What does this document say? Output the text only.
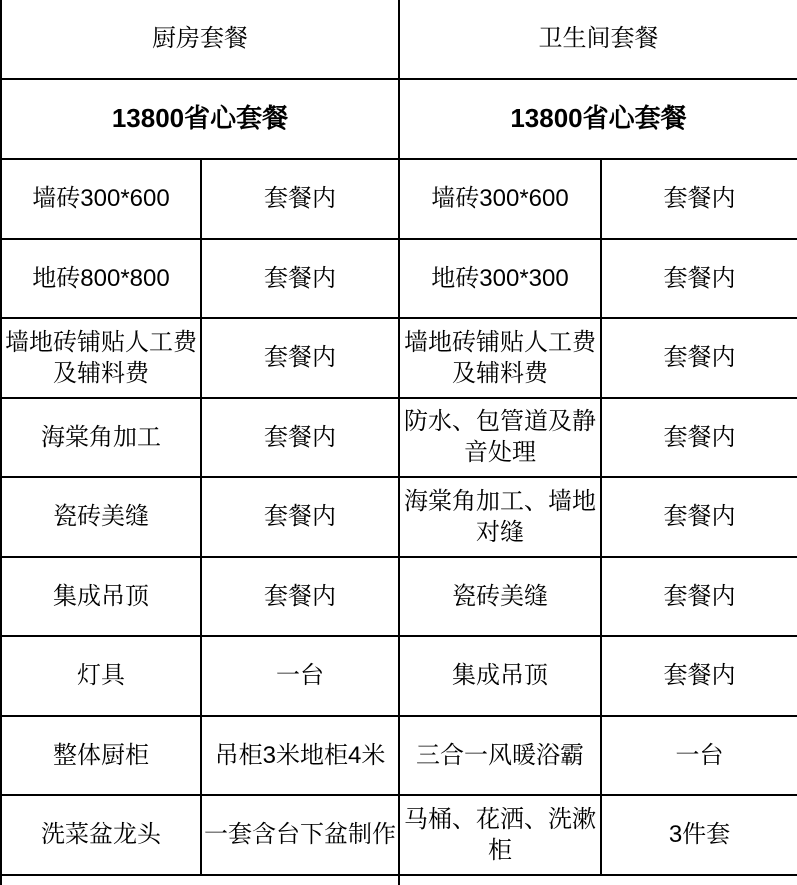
厨房套餐		卫生间套餐	
13800省心套餐		13800省心套餐	
墙砖300*600	套餐内	墙砖300*600	套餐内
地砖800*800	套餐内	地砖300*300	套餐内
墙地砖铺贴人工费及辅料费	套餐内	墙地砖铺贴人工费及辅料费	套餐内
海棠角加工	套餐内	防水、包管道及静音处理	套餐内
瓷砖美缝	套餐内	海棠角加工、墙地对缝	套餐内
集成吊顶	套餐内	瓷砖美缝	套餐内
灯具	一台	集成吊顶	套餐内
整体厨柜	吊柜3米地柜4米	三合一风暖浴霸	一台
洗菜盆龙头	一套含台下盆制作	马桶、花洒、洗漱柜	3件套
